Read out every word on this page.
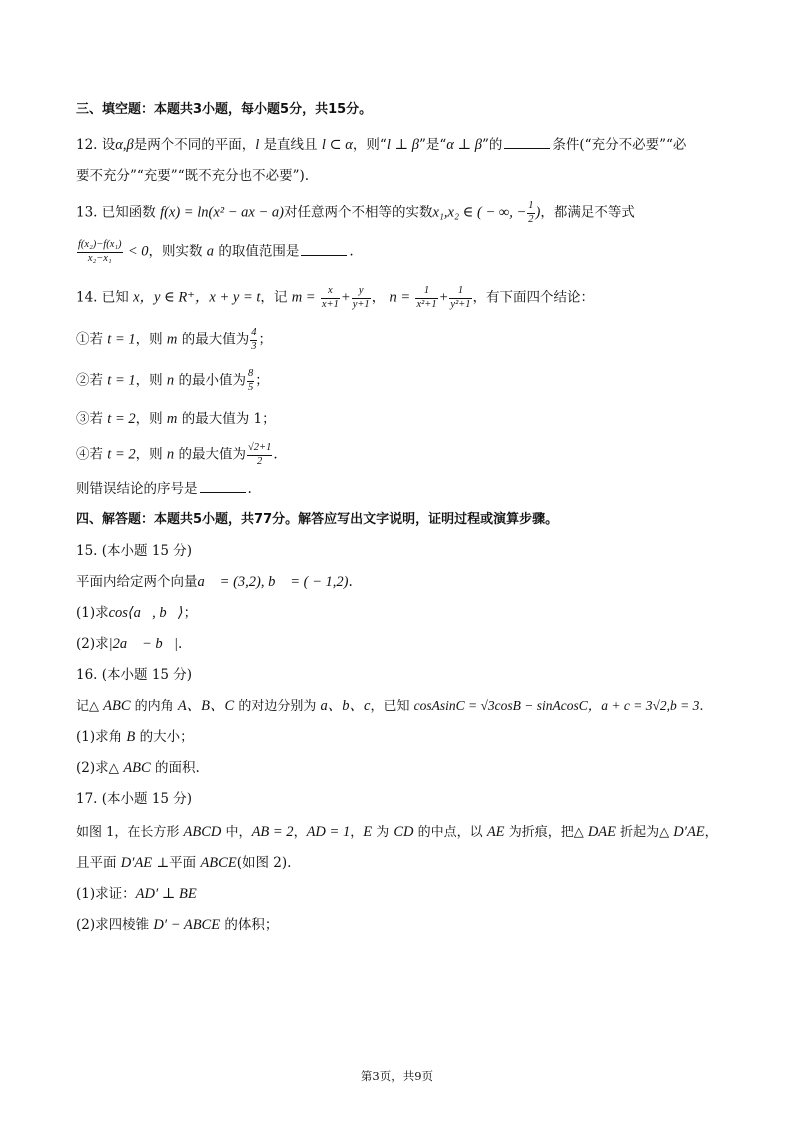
三、填空题：本题共3小题，每小题5分，共15分。
12. 设α,β是两个不同的平面，l 是直线且 l ⊂ α，则“l ⊥ β”是“α ⊥ β”的	条件(“充分不必要”“必
要不充分”“充要”“既不充分也不必要”).
13. 已知函数 f(x) = ln(x² − ax − a)对任意两个不相等的实数x₁,x₂ ∈ ( − ∞, − $\frac{1}{2}$ )，都满足不等式
$\frac{\text{f(x₂)−f(x₁)}}{\text{x₂−x₁}} < 0$，则实数 a 的取值范围是	.
14. 已知 x，y ∈ R⁺，x + y = t，记 $m = \frac{x}{x+1} + \frac{y}{y+1}$ ， $n = \frac{1}{\text{x²+1}} + \frac{1}{\text{y²+1}}$ ，有下面四个结论：
①若 t = 1，则 m 的最大值为 $\frac{4}{3}$ ；
②若 t = 1，则 n 的最小值为 $\frac{8}{5}$ ；
③若 t = 2，则 m 的最大值为 1；
④若 t = 2，则 n 的最大值为 $\frac{√2+1}{2}$ .
则错误结论的序号是	.
四、解答题：本题共5小题，共77分。解答应写出文字说明，证明过程或演算步骤。
15. (本小题 15 分)
平面内给定两个向量a⃗ = (3,2), b⃗ = ( − 1,2).
(1)求cos⟨a⃗, b⃗⟩；
(2)求|2a⃗ − b⃗|.
16. (本小题 15 分)
记△ ABC 的内角 A、B、C 的对边分别为 a、b、c，已知 cosAsinC = √3cosB − sinAcosC，a + c = 3√2,b = 3.
(1)求角 B 的大小；
(2)求△ ABC 的面积.
17. (本小题 15 分)
如图 1，在长方形 ABCD 中，AB = 2，AD = 1，E 为 CD 的中点，以 AE 为折痕，把△ DAE 折起为△ D′AE，
且平面 D′AE ⊥平面 ABCE(如图 2).
(1)求证：AD′ ⊥ BE
(2)求四棱锥 D′ − ABCE 的体积；
第3页，共9页
